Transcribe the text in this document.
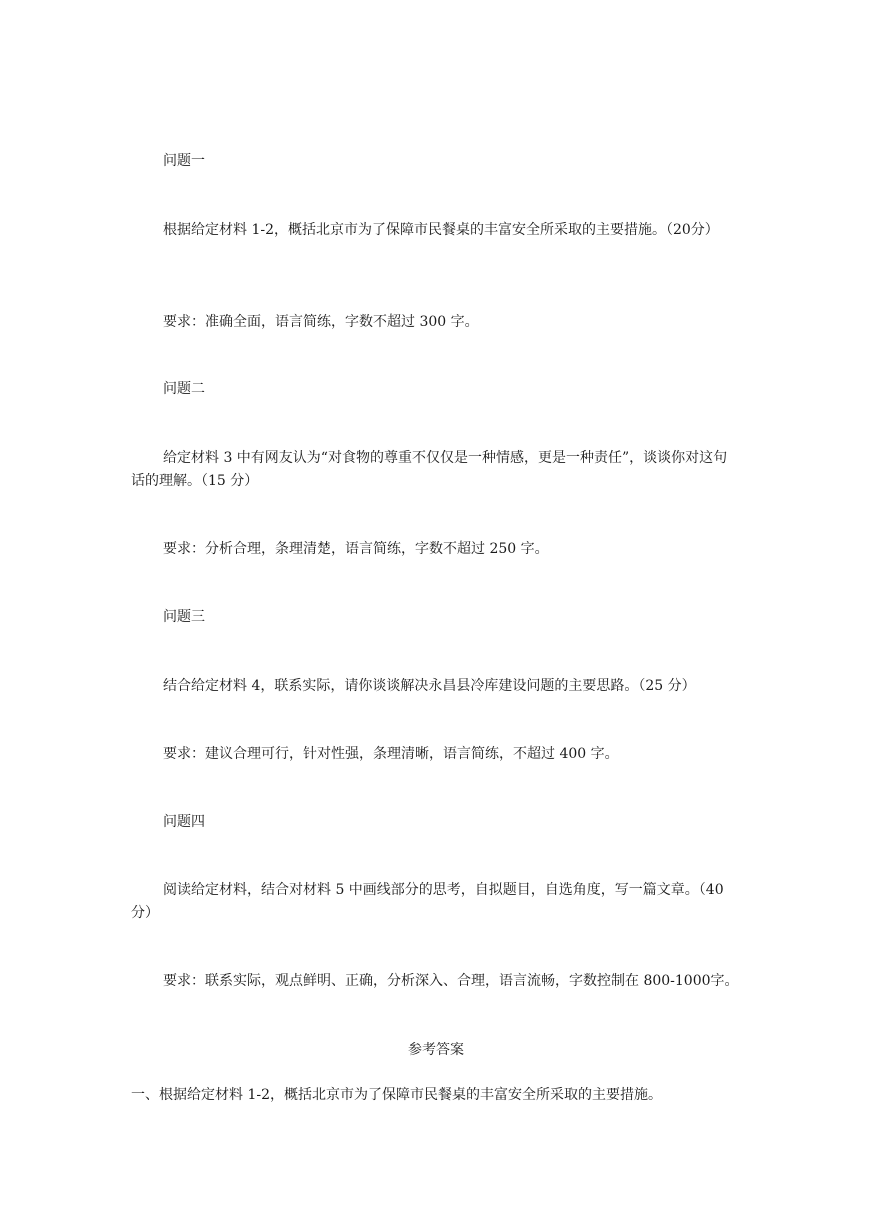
问题一
根据给定材料 1-2，概括北京市为了保障市民餐桌的丰富安全所采取的主要措施。（20分）
要求：准确全面，语言简练，字数不超过 300 字。
问题二
给定材料 3 中有网友认为“对食物的尊重不仅仅是一种情感，更是一种责任”，谈谈你对这句话的理解。（15 分）
要求：分析合理，条理清楚，语言简练，字数不超过 250 字。
问题三
结合给定材料 4，联系实际，请你谈谈解决永昌县冷库建设问题的主要思路。（25 分）
要求：建议合理可行，针对性强，条理清晰，语言简练，不超过 400 字。
问题四
阅读给定材料，结合对材料 5 中画线部分的思考，自拟题目，自选角度，写一篇文章。（40 分）
要求：联系实际，观点鲜明、正确，分析深入、合理，语言流畅，字数控制在 800-1000字。
参考答案
一、根据给定材料 1-2，概括北京市为了保障市民餐桌的丰富安全所采取的主要措施。
